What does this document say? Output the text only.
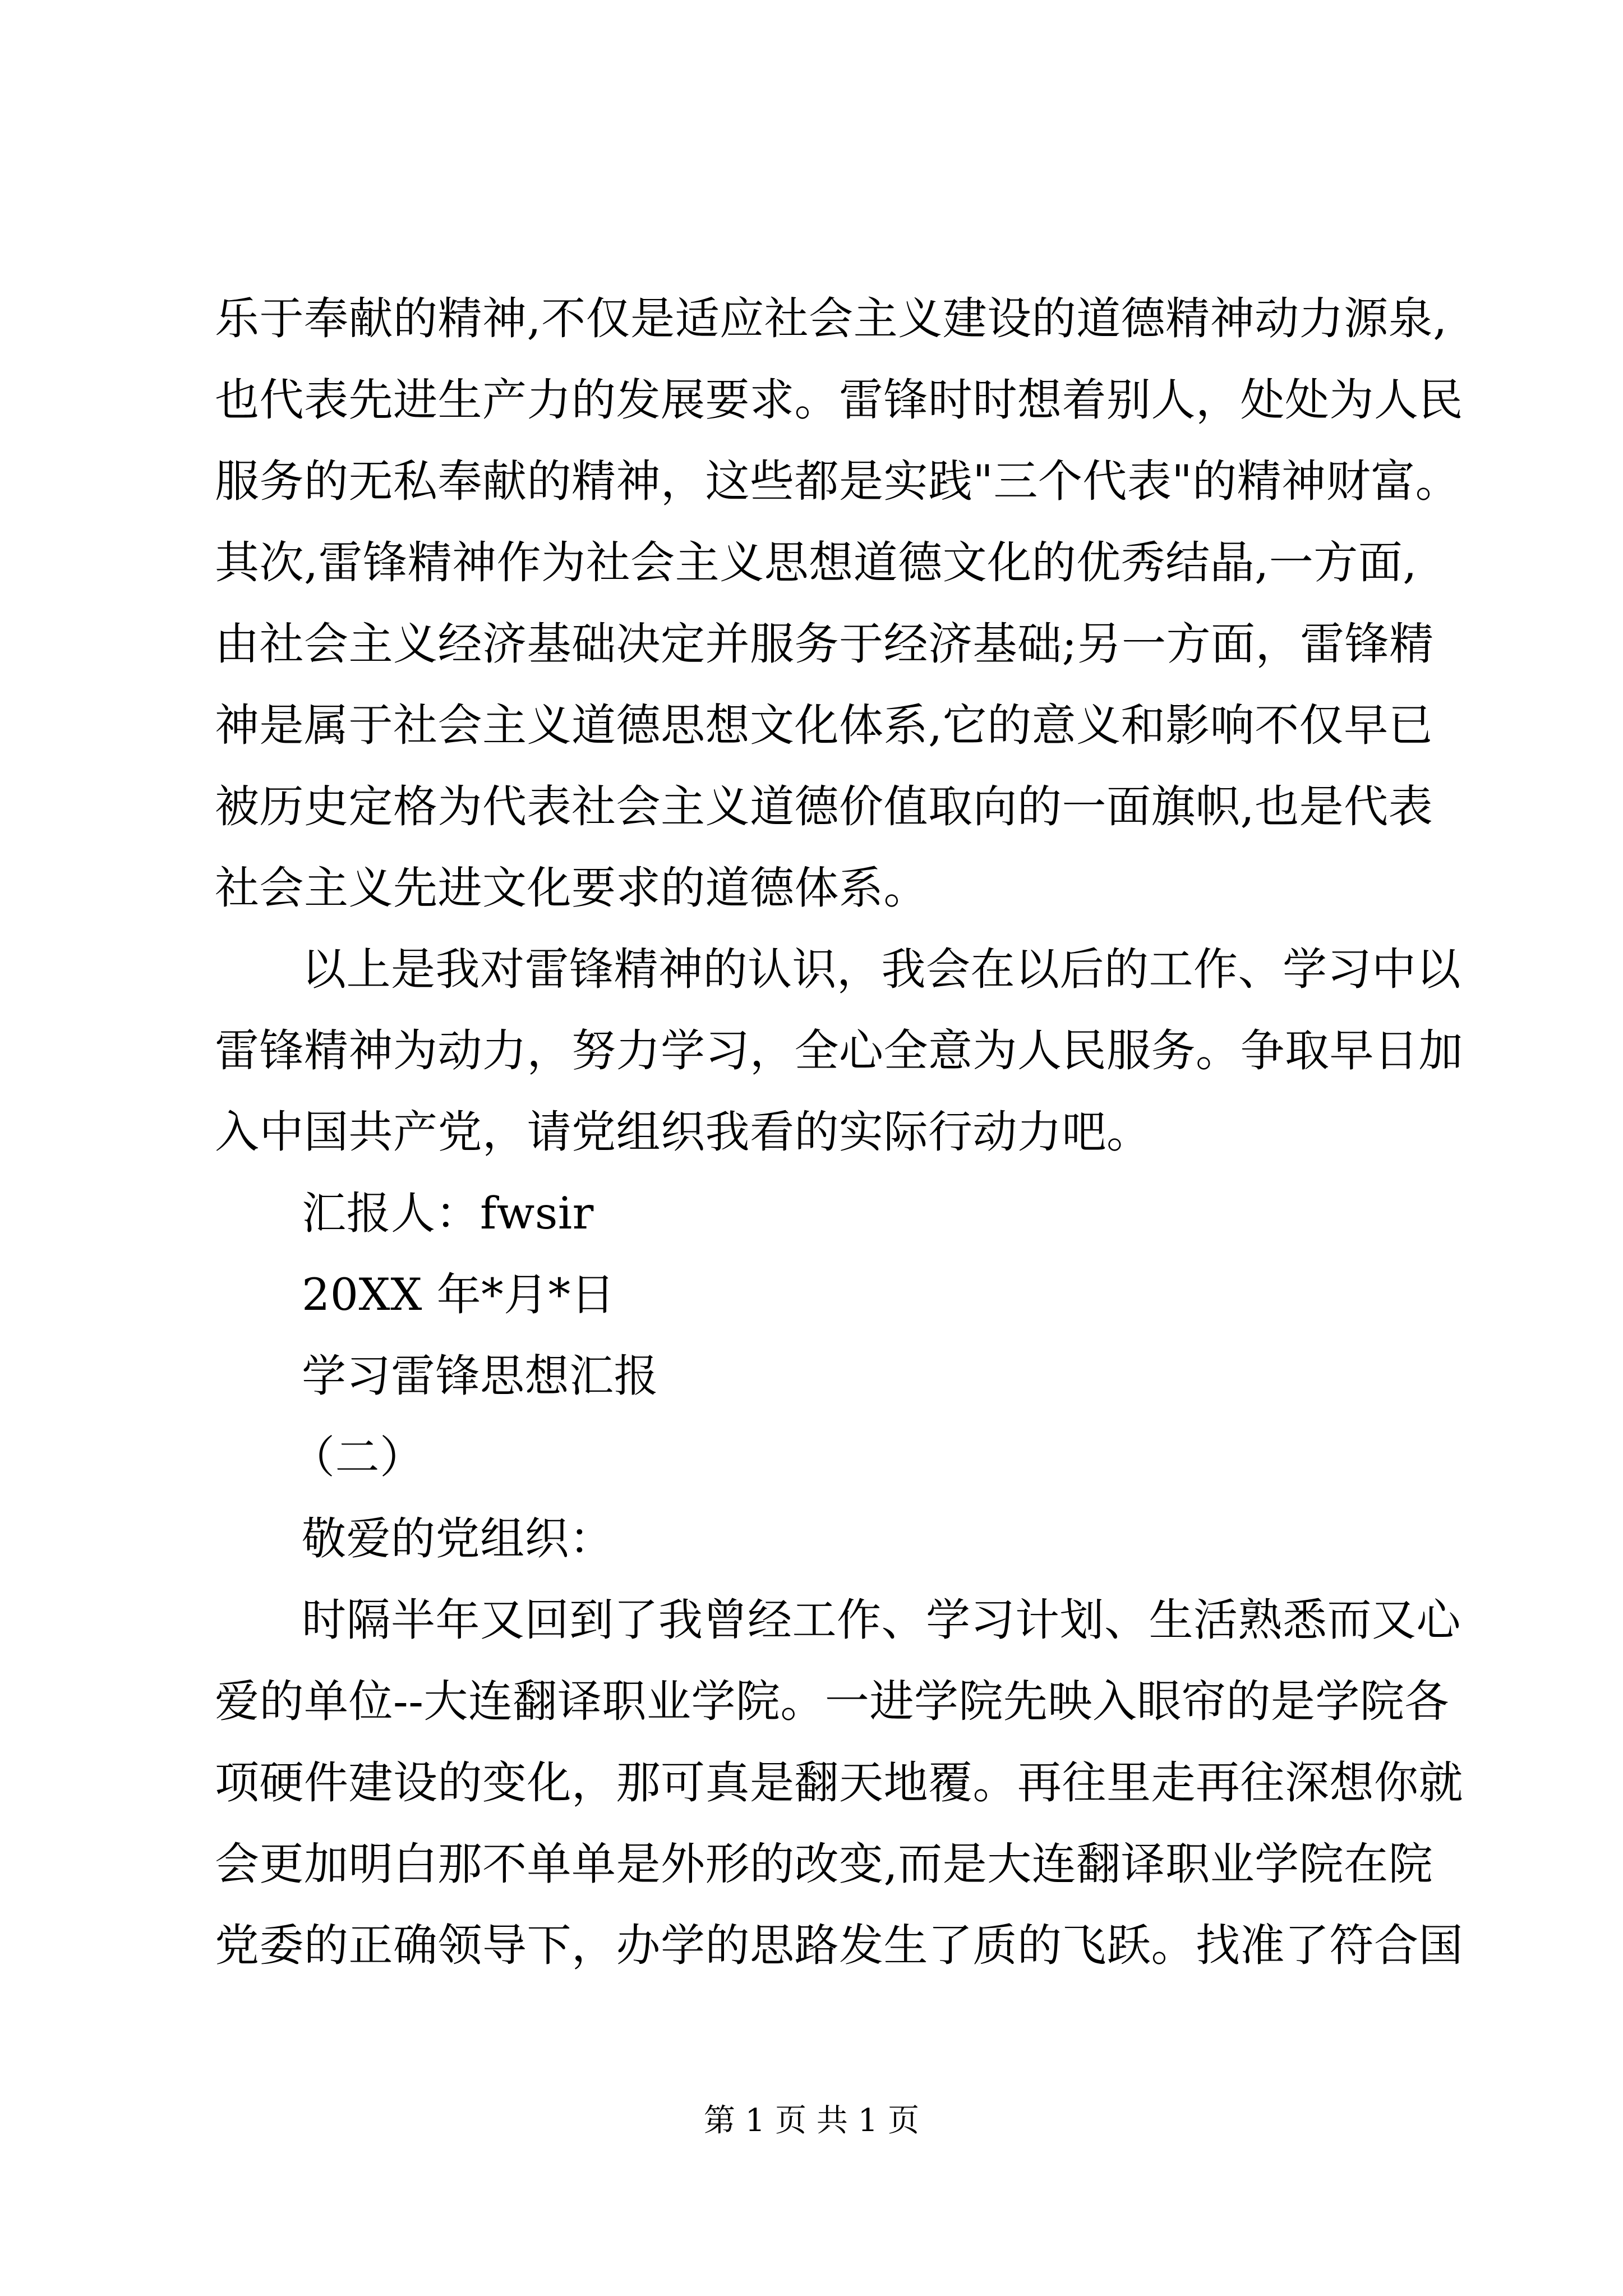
乐于奉献的精神,不仅是适应社会主义建设的道德精神动力源泉,
也代表先进生产力的发展要求。雷锋时时想着别人，处处为人民
服务的无私奉献的精神，这些都是实践"三个代表"的精神财富。
其次,雷锋精神作为社会主义思想道德文化的优秀结晶,一方面,
由社会主义经济基础决定并服务于经济基础;另一方面，雷锋精
神是属于社会主义道德思想文化体系,它的意义和影响不仅早已
被历史定格为代表社会主义道德价值取向的一面旗帜,也是代表
社会主义先进文化要求的道德体系。
以上是我对雷锋精神的认识，我会在以后的工作、学习中以
雷锋精神为动力，努力学习，全心全意为人民服务。争取早日加
入中国共产党，请党组织我看的实际行动力吧。
汇报人：fwsir
20XX 年*月*日
学习雷锋思想汇报
（二）
敬爱的党组织：
时隔半年又回到了我曾经工作、学习计划、生活熟悉而又心
爱的单位--大连翻译职业学院。一进学院先映入眼帘的是学院各
项硬件建设的变化，那可真是翻天地覆。再往里走再往深想你就
会更加明白那不单单是外形的改变,而是大连翻译职业学院在院
党委的正确领导下，办学的思路发生了质的飞跃。找准了符合国
第 1 页 共 1 页
